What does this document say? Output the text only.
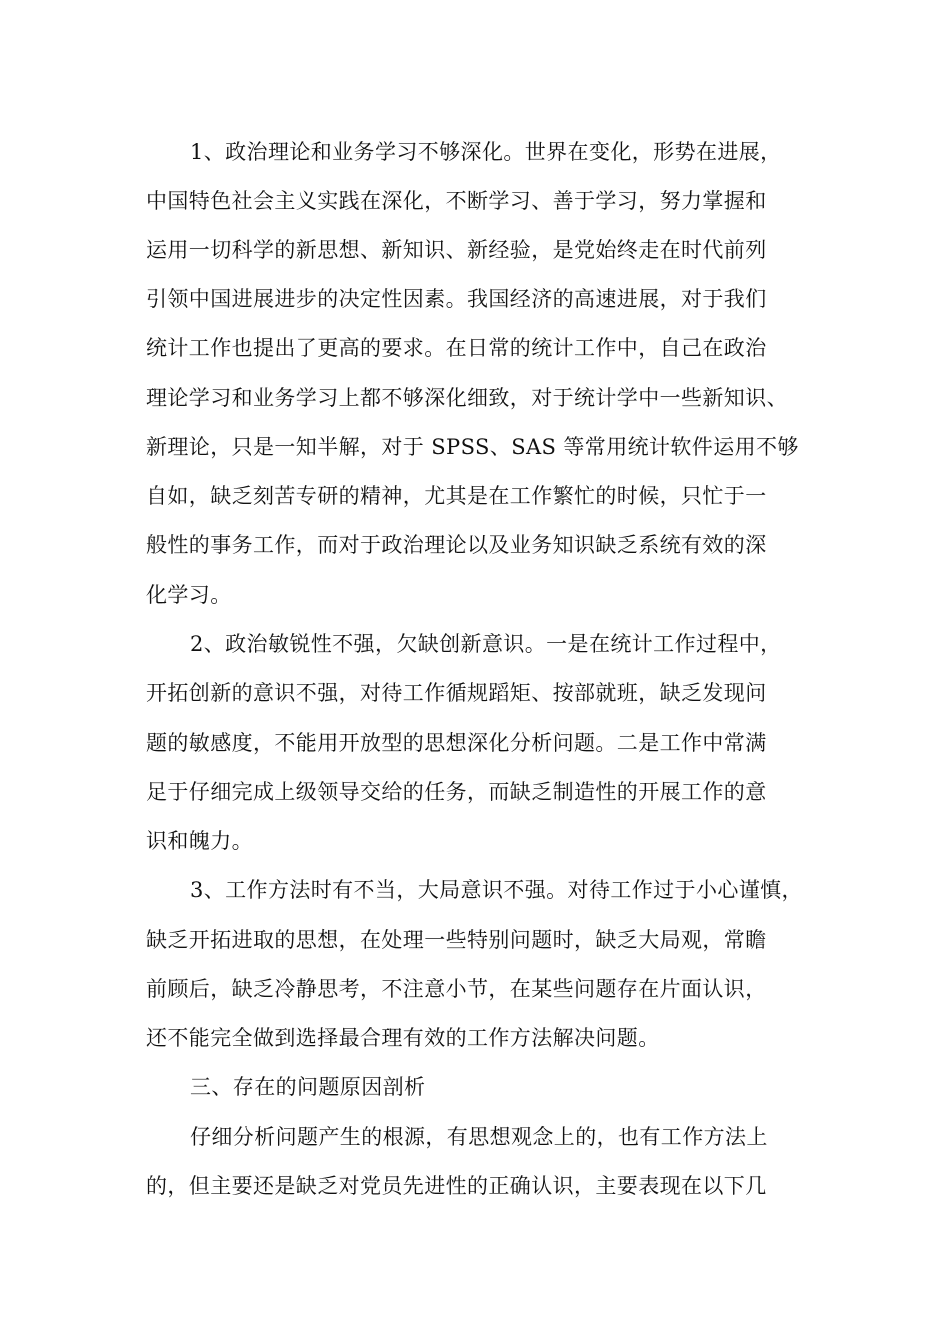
1、政治理论和业务学习不够深化。世界在变化，形势在进展，
中国特色社会主义实践在深化，不断学习、善于学习，努力掌握和
运用一切科学的新思想、新知识、新经验，是党始终走在时代前列
引领中国进展进步的决定性因素。我国经济的高速进展，对于我们
统计工作也提出了更高的要求。在日常的统计工作中，自己在政治
理论学习和业务学习上都不够深化细致，对于统计学中一些新知识、
新理论，只是一知半解，对于 SPSS、SAS 等常用统计软件运用不够
自如，缺乏刻苦专研的精神，尤其是在工作繁忙的时候，只忙于一
般性的事务工作，而对于政治理论以及业务知识缺乏系统有效的深
化学习。
2、政治敏锐性不强，欠缺创新意识。一是在统计工作过程中，
开拓创新的意识不强，对待工作循规蹈矩、按部就班，缺乏发现问
题的敏感度，不能用开放型的思想深化分析问题。二是工作中常满
足于仔细完成上级领导交给的任务，而缺乏制造性的开展工作的意
识和魄力。
3、工作方法时有不当，大局意识不强。对待工作过于小心谨慎，
缺乏开拓进取的思想，在处理一些特别问题时，缺乏大局观，常瞻
前顾后，缺乏冷静思考，不注意小节，在某些问题存在片面认识，
还不能完全做到选择最合理有效的工作方法解决问题。
三、存在的问题原因剖析
仔细分析问题产生的根源，有思想观念上的，也有工作方法上
的，但主要还是缺乏对党员先进性的正确认识，主要表现在以下几
